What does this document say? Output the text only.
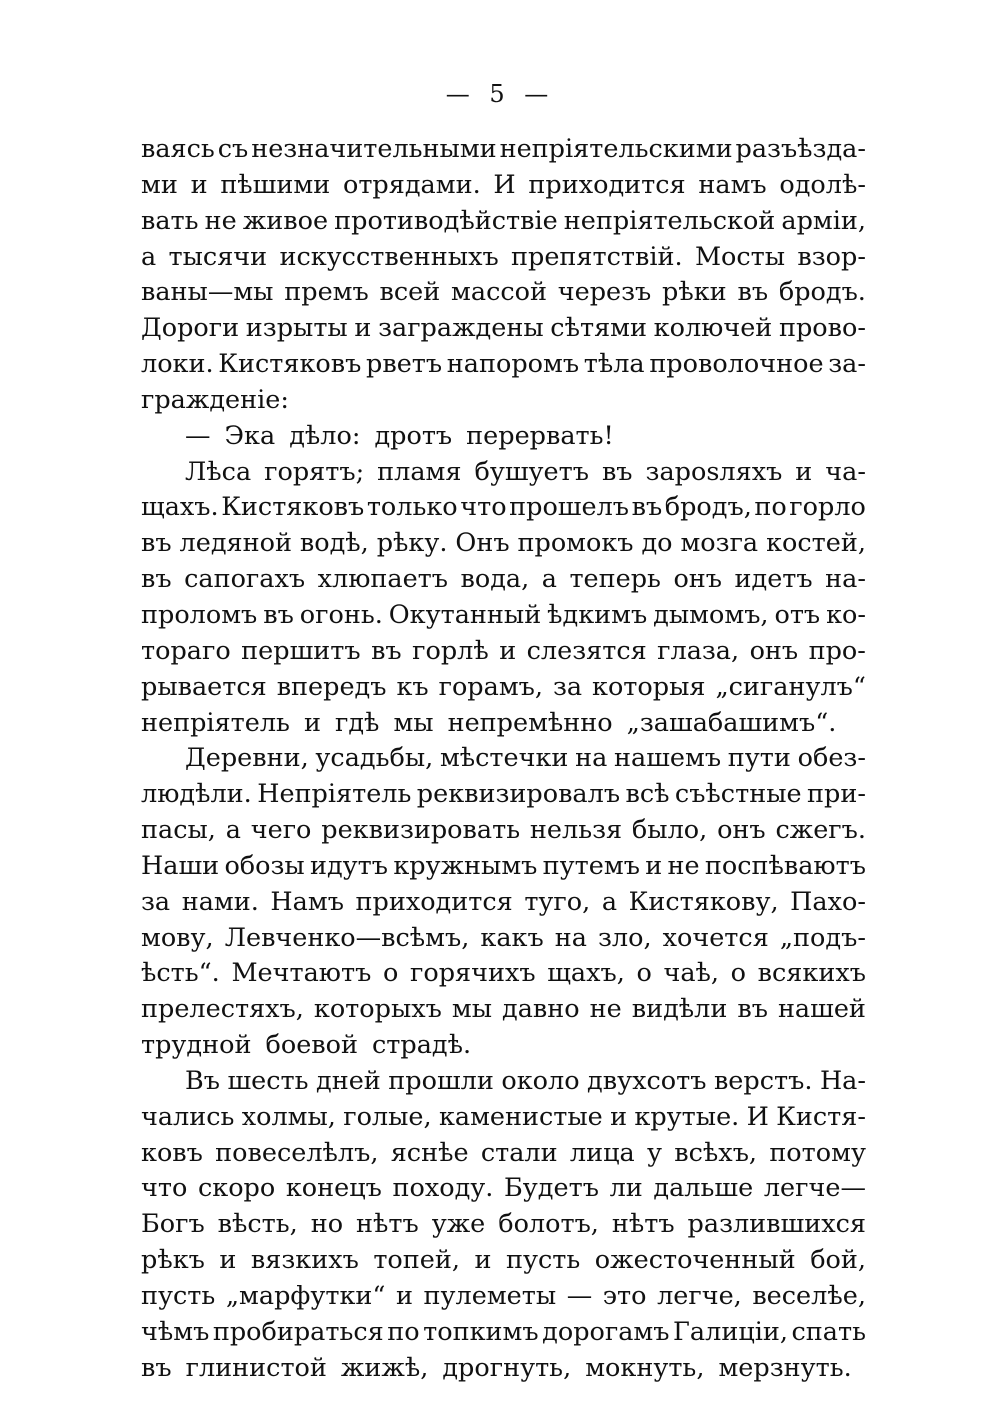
— 5 —
ваясь съ незначительными непріятельскими разъѣзда-
ми и пѣшими отрядами. И приходится намъ одолѣ-
вать не живое противодѣйствіе непріятельской арміи,
а тысячи искусственныхъ препятствій. Мосты взор-
ваны—мы премъ всей массой черезъ рѣки въ бродъ.
Дороги изрыты и заграждены сѣтями колючей прово-
локи. Кистяковъ рветъ напоромъ тѣла проволочное за-
гражденіе:
— Эка дѣло: дротъ перервать!
Лѣса горятъ; пламя бушуетъ въ зарosляхъ и ча-
щахъ. Кистяковъ только что прошелъ въ бродъ, по горло
въ ледяной водѣ, рѣку. Онъ промокъ до мозга костей,
въ сапогахъ хлюпаетъ вода, а теперь онъ идетъ на-
проломъ въ огонь. Окутанный ѣдкимъ дымомъ, отъ ко-
тораго першитъ въ горлѣ и слезятся глаза, онъ про-
рывается впередъ къ горамъ, за которыя „сиганулъ“
непріятель и гдѣ мы непремѣнно „зашабашимъ“.
Деревни, усадьбы, мѣстечки на нашемъ пути обез-
людѣли. Непріятель реквизировалъ всѣ съѣстные при-
пасы, а чего реквизировать нельзя было, онъ сжегъ.
Наши обозы идутъ кружнымъ путемъ и не поспѣваютъ
за нами. Намъ приходится туго, а Кистякову, Пахо-
мову, Левченко—всѣмъ, какъ на зло, хочется „подъ-
ѣсть“. Мечтаютъ о горячихъ щахъ, о чаѣ, о всякихъ
прелестяхъ, которыхъ мы давно не видѣли въ нашей
трудной боевой страдѣ.
Въ шесть дней прошли около двухсотъ верстъ. На-
чались холмы, голые, каменистые и крутые. И Кистя-
ковъ повеселѣлъ, яснѣе стали лица у всѣхъ, потому
что скоро конецъ походу. Будетъ ли дальше легче—
Богъ вѣсть, но нѣтъ уже болотъ, нѣтъ разлившихся
рѣкъ и вязкихъ топей, и пусть ожесточенный бой,
пусть „марфутки“ и пулеметы — это легче, веселѣе,
чѣмъ пробираться по топкимъ дорогамъ Галиціи, спать
въ глинистой жижѣ, дрогнуть, мокнуть, мерзнуть.
